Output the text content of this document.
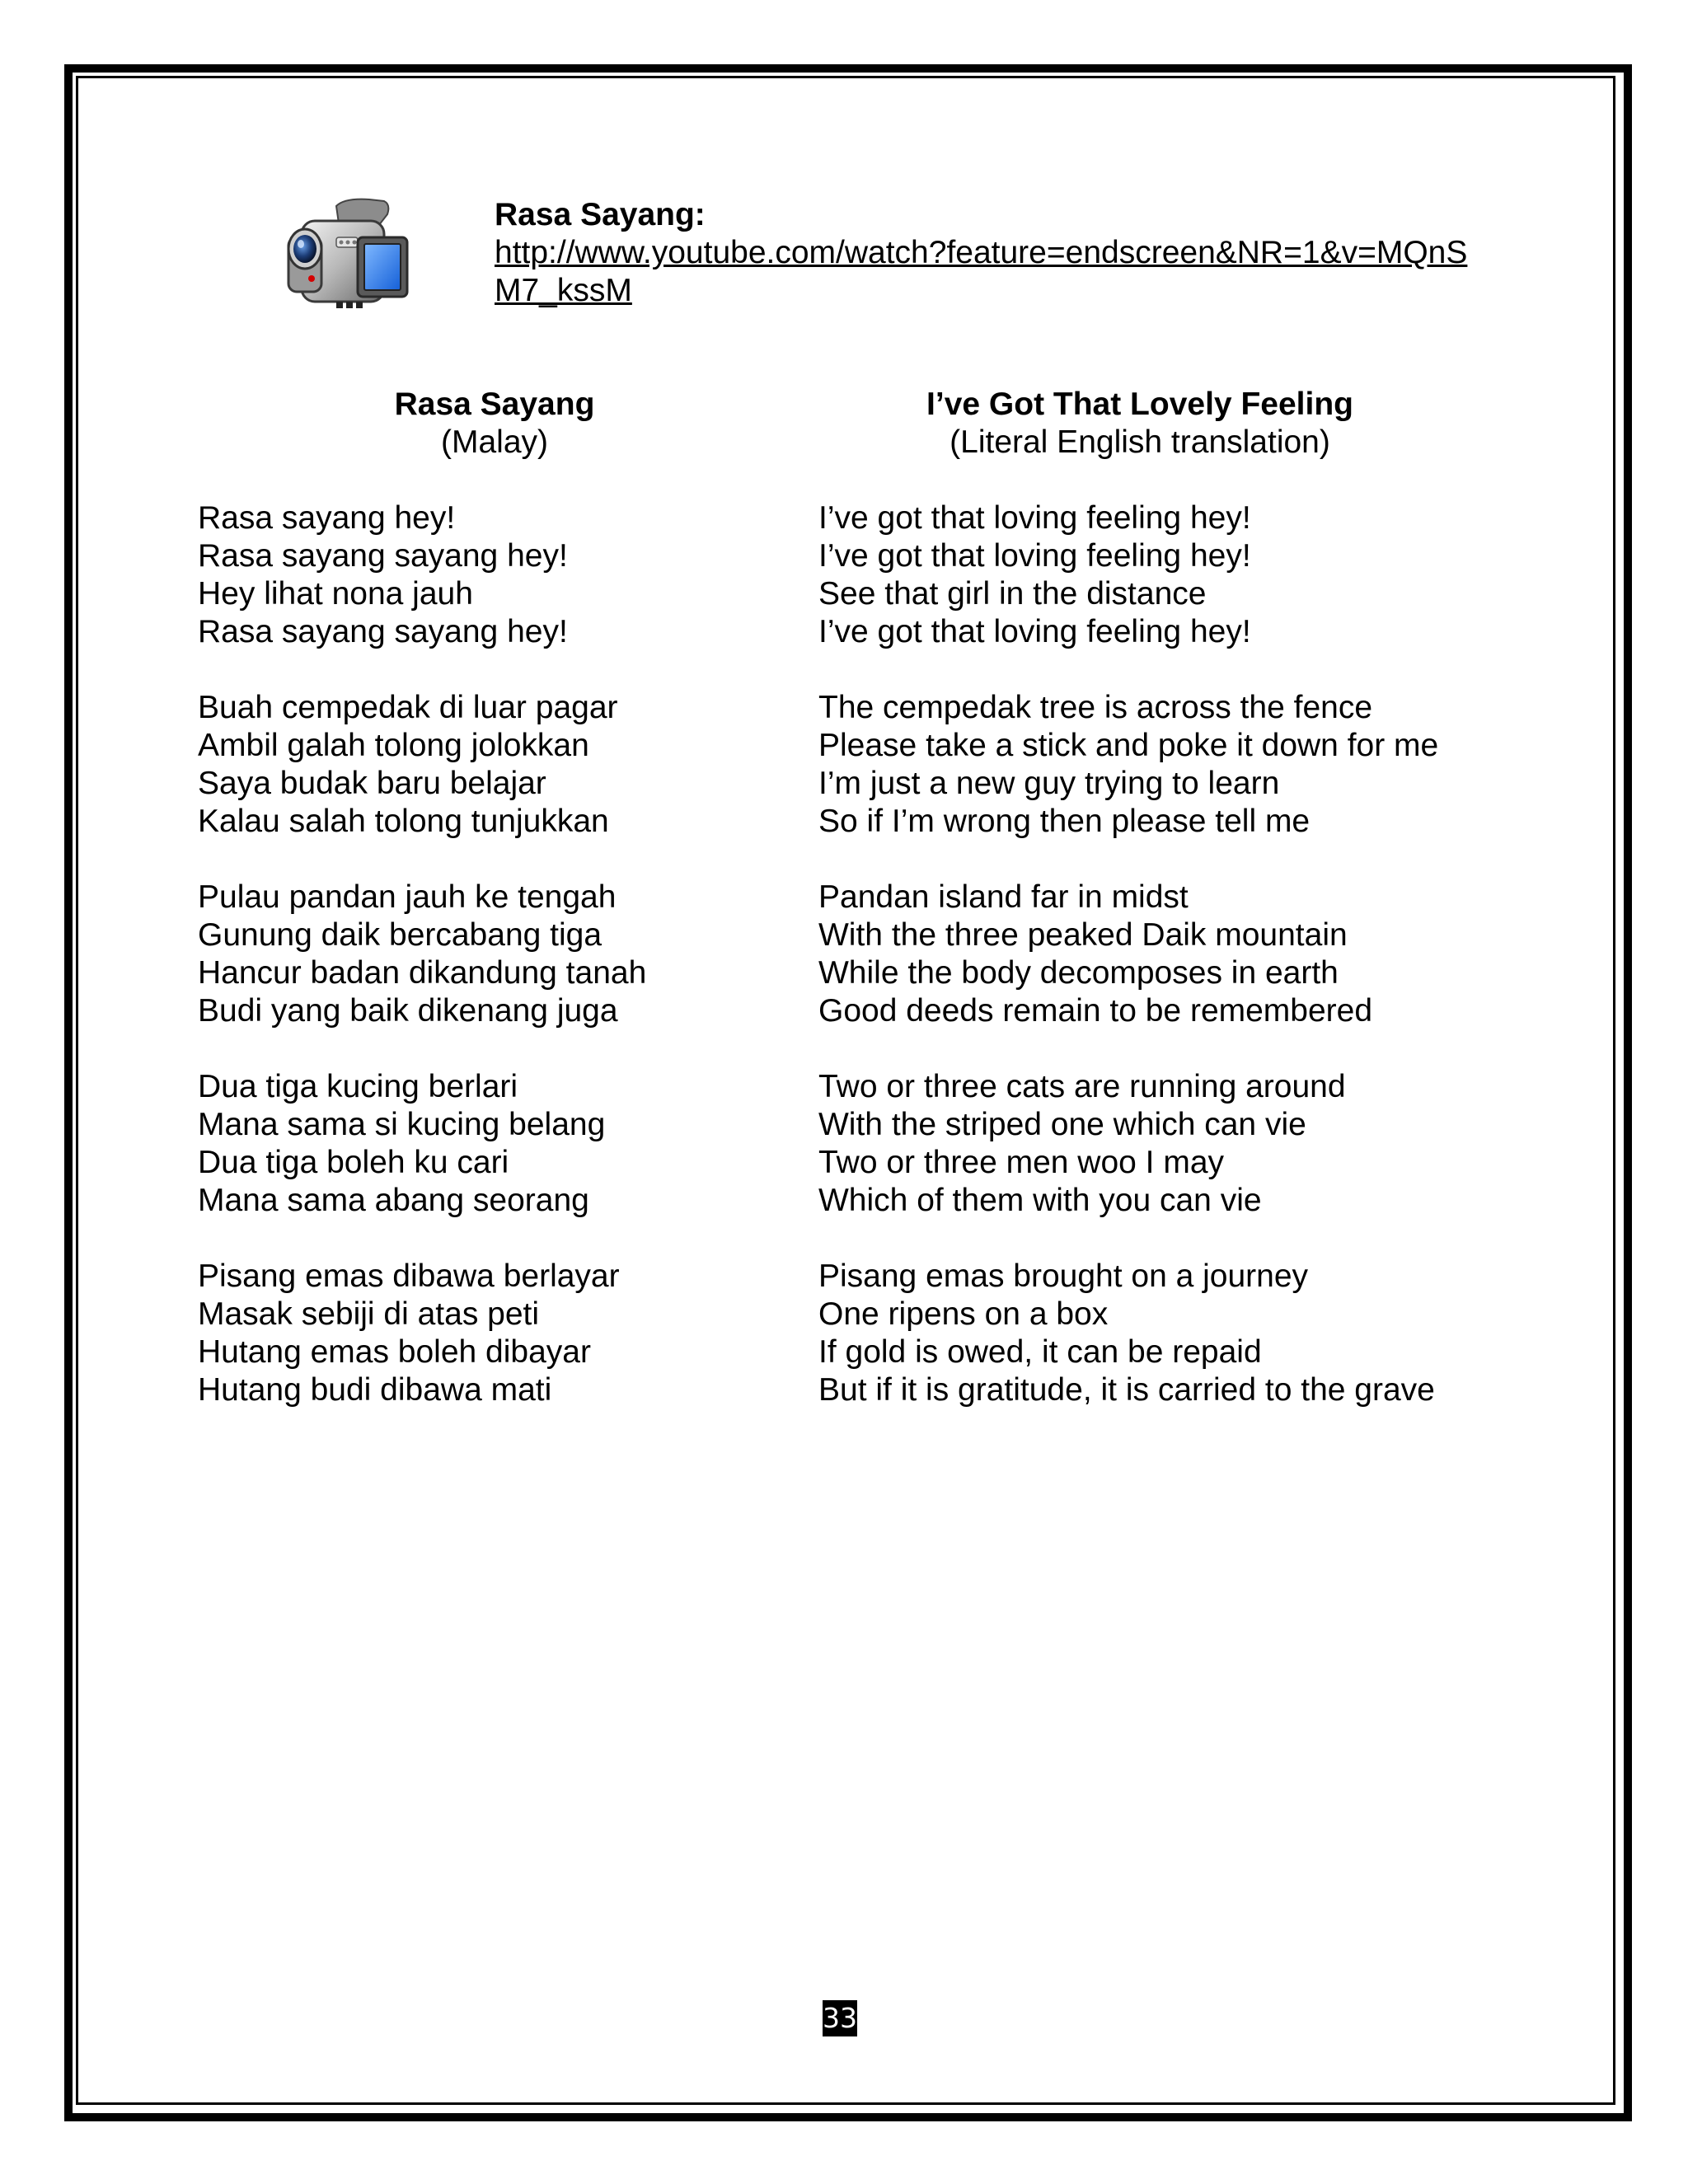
Rasa Sayang:
http://www.youtube.com/watch?feature=endscreen&NR=1&v=MQnSM7_kssM
Rasa Sayang
(Malay)
Rasa sayang hey!
Rasa sayang sayang hey!
Hey lihat nona jauh
Rasa sayang sayang hey!
Buah cempedak di luar pagar
Ambil galah tolong jolokkan
Saya budak baru belajar
Kalau salah tolong tunjukkan
Pulau pandan jauh ke tengah
Gunung daik bercabang tiga
Hancur badan dikandung tanah
Budi yang baik dikenang juga
Dua tiga kucing berlari
Mana sama si kucing belang
Dua tiga boleh ku cari
Mana sama abang seorang
Pisang emas dibawa berlayar
Masak sebiji di atas peti
Hutang emas boleh dibayar
Hutang budi dibawa mati
I’ve Got That Lovely Feeling
(Literal English translation)
I’ve got that loving feeling hey!
I’ve got that loving feeling hey!
See that girl in the distance
I’ve got that loving feeling hey!
The cempedak tree is across the fence
Please take a stick and poke it down for me
I’m just a new guy trying to learn
So if I’m wrong then please tell me
Pandan island far in midst
With the three peaked Daik mountain
While the body decomposes in earth
Good deeds remain to be remembered
Two or three cats are running around
With the striped one which can vie
Two or three men woo I may
Which of them with you can vie
Pisang emas brought on a journey
One ripens on a box
If gold is owed, it can be repaid
But if it is gratitude, it is carried to the grave
33
